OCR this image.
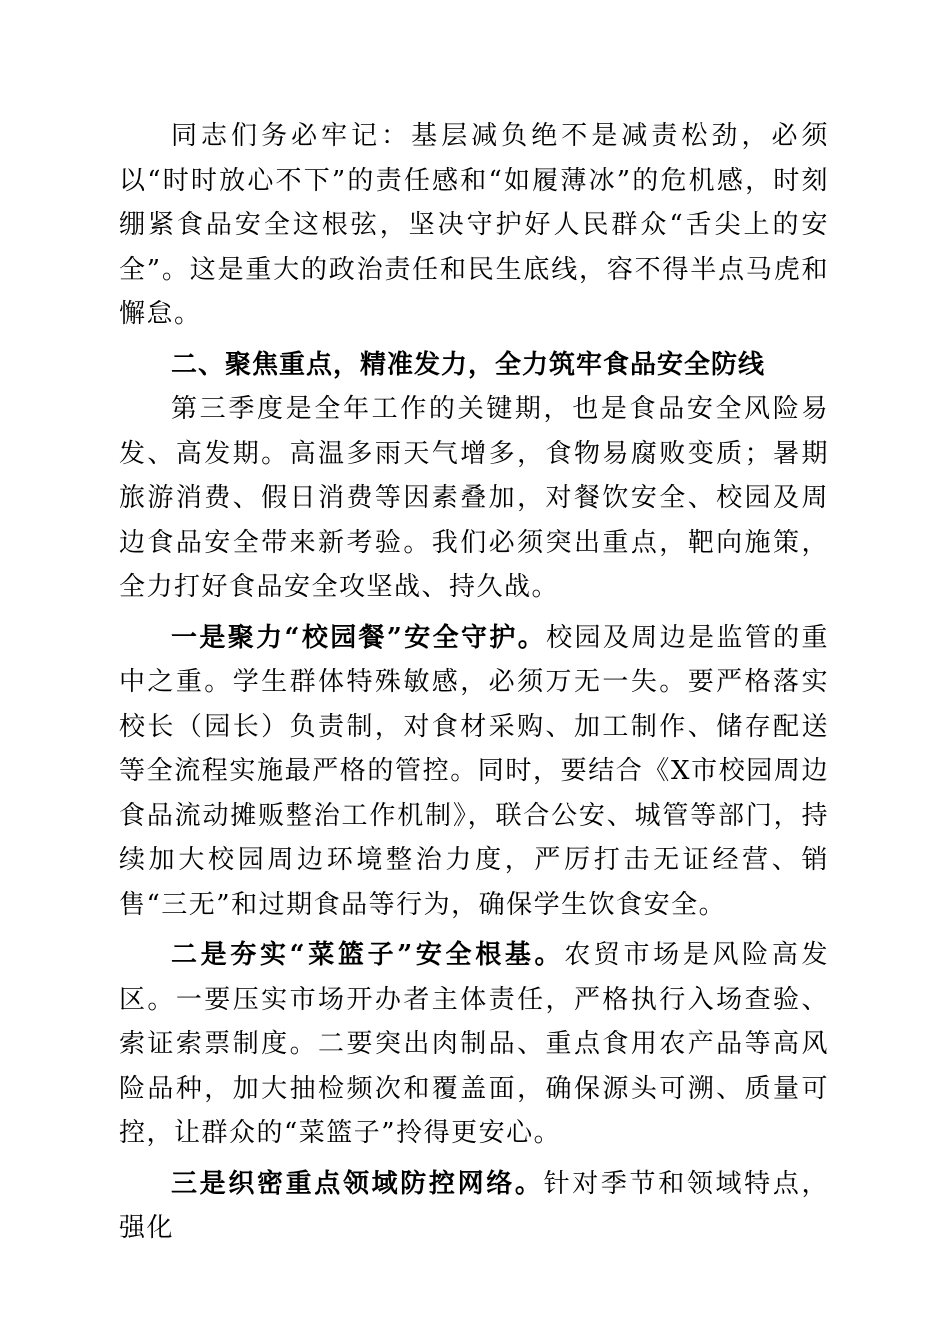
同志们务必牢记：基层减负绝不是减责松劲，必须以“时时放心不下”的责任感和“如履薄冰”的危机感，时刻绷紧食品安全这根弦，坚决守护好人民群众“舌尖上的安全”。这是重大的政治责任和民生底线，容不得半点马虎和懈怠。

二、聚焦重点，精准发力，全力筑牢食品安全防线

第三季度是全年工作的关键期，也是食品安全风险易发、高发期。高温多雨天气增多，食物易腐败变质；暑期旅游消费、假日消费等因素叠加，对餐饮安全、校园及周边食品安全带来新考验。我们必须突出重点，靶向施策，全力打好食品安全攻坚战、持久战。

一是聚力“校园餐”安全守护。校园及周边是监管的重中之重。学生群体特殊敏感，必须万无一失。要严格落实校长（园长）负责制，对食材采购、加工制作、储存配送等全流程实施最严格的管控。同时，要结合《X市校园周边食品流动摊贩整治工作机制》，联合公安、城管等部门，持续加大校园周边环境整治力度，严厉打击无证经营、销售“三无”和过期食品等行为，确保学生饮食安全。

二是夯实“菜篮子”安全根基。农贸市场是风险高发区。一要压实市场开办者主体责任，严格执行入场查验、索证索票制度。二要突出肉制品、重点食用农产品等高风险品种，加大抽检频次和覆盖面，确保源头可溯、质量可控，让群众的“菜篮子”拎得更安心。

三是织密重点领域防控网络。针对季节和领域特点，强化
